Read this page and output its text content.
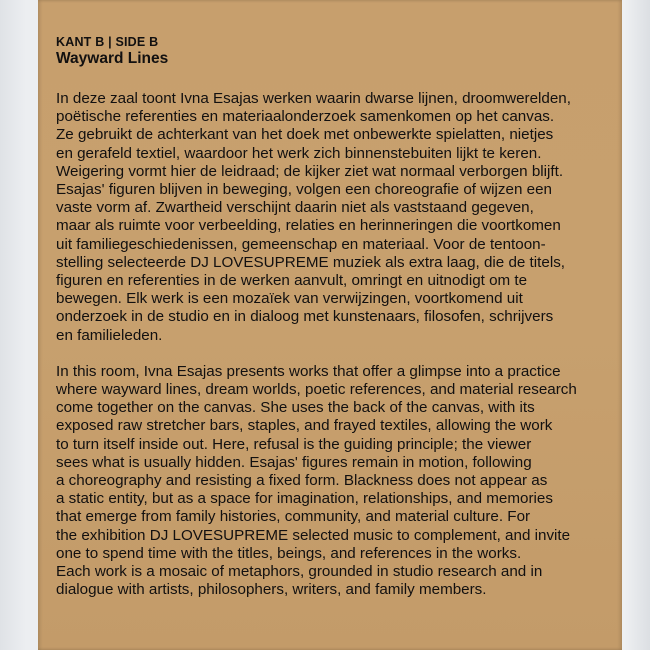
KANT B | SIDE B

Wayward Lines

In deze zaal toont Ivna Esajas werken waarin dwarse lijnen, droomwerelden,
poëtische referenties en materiaalonderzoek samenkomen op het canvas.
Ze gebruikt de achterkant van het doek met onbewerkte spielatten, nietjes
en gerafeld textiel, waardoor het werk zich binnenstebuiten lijkt te keren.
Weigering vormt hier de leidraad; de kijker ziet wat normaal verborgen blijft.
Esajas' figuren blijven in beweging, volgen een choreografie of wijzen een
vaste vorm af. Zwartheid verschijnt daarin niet als vaststaand gegeven,
maar als ruimte voor verbeelding, relaties en herinneringen die voortkomen
uit familiegeschiedenissen, gemeenschap en materiaal. Voor de tentoon-
stelling selecteerde DJ LOVESUPREME muziek als extra laag, die de titels,
figuren en referenties in de werken aanvult, omringt en uitnodigt om te
bewegen. Elk werk is een mozaïek van verwijzingen, voortkomend uit
onderzoek in de studio en in dialoog met kunstenaars, filosofen, schrijvers
en familieleden.

In this room, Ivna Esajas presents works that offer a glimpse into a practice
where wayward lines, dream worlds, poetic references, and material research
come together on the canvas. She uses the back of the canvas, with its
exposed raw stretcher bars, staples, and frayed textiles, allowing the work
to turn itself inside out. Here, refusal is the guiding principle; the viewer
sees what is usually hidden. Esajas' figures remain in motion, following
a choreography and resisting a fixed form. Blackness does not appear as
a static entity, but as a space for imagination, relationships, and memories
that emerge from family histories, community, and material culture. For
the exhibition DJ LOVESUPREME selected music to complement, and invite
one to spend time with the titles, beings, and references in the works.
Each work is a mosaic of metaphors, grounded in studio research and in
dialogue with artists, philosophers, writers, and family members.
